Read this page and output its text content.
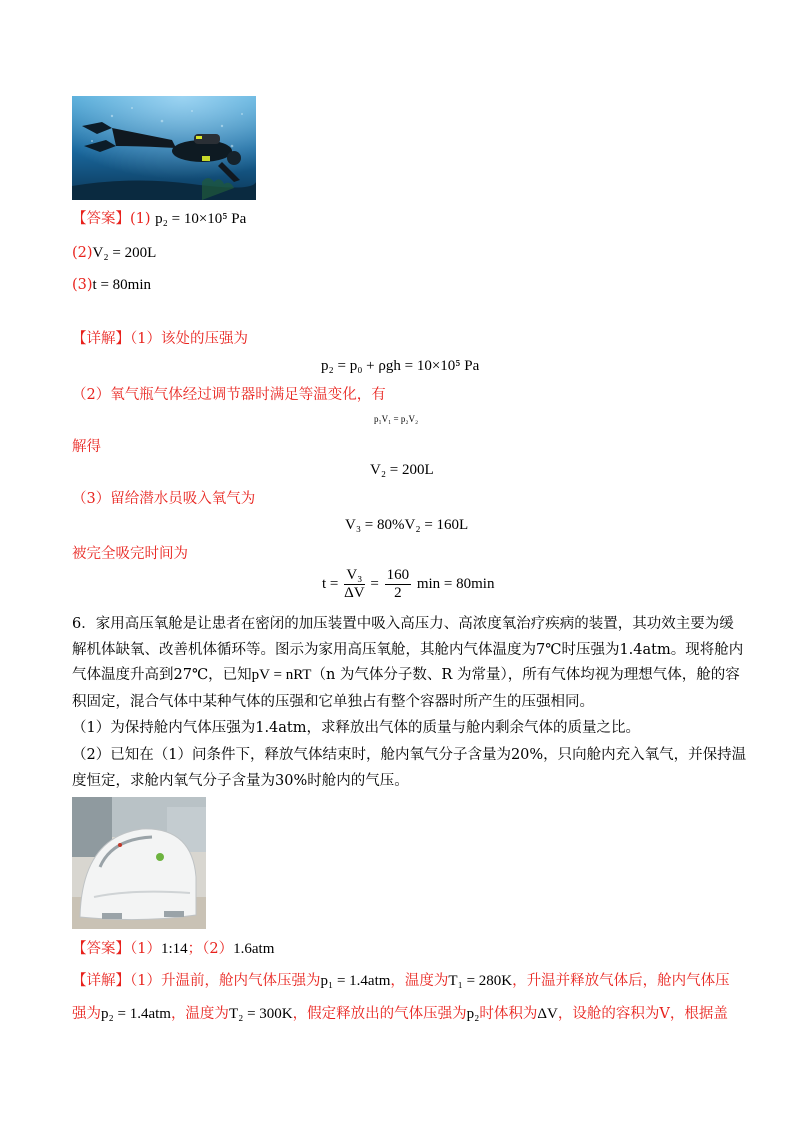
【答案】(1) p₂ = 10×10⁵ Pa
(2)V₂ = 200L
(3)t = 80min
【详解】（1）该处的压强为
p₂ = p₀ + ρgh = 10×10⁵ Pa
（2）氧气瓶气体经过调节器时满足等温变化，有
p₁V₁ = p₂V₂
解得
V₂ = 200L
（3）留给潜水员吸入氧气为
V₃ = 80%V₂ = 160L
被完全吸完时间为
$t = \frac{\text{V₃}}{\Delta V} = \frac{160}{2}$ min = 80min
6．家用高压氧舱是让患者在密闭的加压装置中吸入高压力、高浓度氧治疗疾病的装置，其功效主要为缓
解机体缺氧、改善机体循环等。图示为家用高压氧舱，其舱内气体温度为7℃时压强为1.4atm。现将舱内
气体温度升高到27℃，已知pV = nRT（n 为气体分子数、R 为常量），所有气体均视为理想气体，舱的容
积固定，混合气体中某种气体的压强和它单独占有整个容器时所产生的压强相同。
（1）为保持舱内气体压强为1.4atm，求释放出气体的质量与舱内剩余气体的质量之比。
（2）已知在（1）问条件下，释放气体结束时，舱内氧气分子含量为20%，只向舱内充入氧气，并保持温
度恒定，求舱内氧气分子含量为30%时舱内的气压。
【答案】（1）1:14；（2）1.6atm
【详解】（1）升温前，舱内气体压强为p₁ = 1.4atm，温度为T₁ = 280K，升温并释放气体后，舱内气体压
强为p₂ = 1.4atm，温度为T₂ = 300K，假定释放出的气体压强为p₂时体积为ΔV，设舱的容积为V，根据盖
